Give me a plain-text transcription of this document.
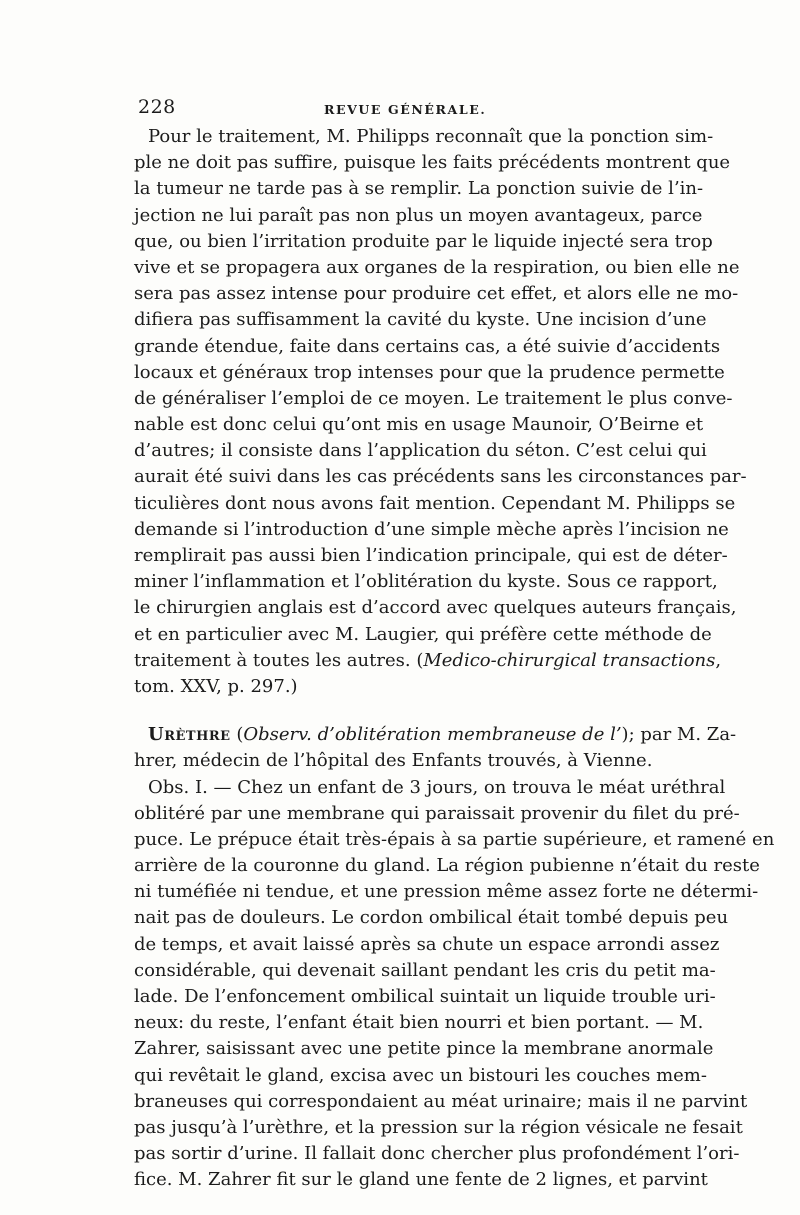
228	REVUE GÉNÉRALE.
Pour le traitement, M. Philipps reconnaît que la ponction sim-
ple ne doit pas suffire, puisque les faits précédents montrent que
la tumeur ne tarde pas à se remplir. La ponction suivie de l’in-
jection ne lui paraît pas non plus un moyen avantageux, parce
que, ou bien l’irritation produite par le liquide injecté sera trop
vive et se propagera aux organes de la respiration, ou bien elle ne
sera pas assez intense pour produire cet effet, et alors elle ne mo-
difiera pas suffisamment la cavité du kyste. Une incision d’une
grande étendue, faite dans certains cas, a été suivie d’accidents
locaux et généraux trop intenses pour que la prudence permette
de généraliser l’emploi de ce moyen. Le traitement le plus conve-
nable est donc celui qu’ont mis en usage Maunoir, O’Beirne et
d’autres; il consiste dans l’application du séton. C’est celui qui
aurait été suivi dans les cas précédents sans les circonstances par-
ticulières dont nous avons fait mention. Cependant M. Philipps se
demande si l’introduction d’une simple mèche après l’incision ne
remplirait pas aussi bien l’indication principale, qui est de déter-
miner l’inflammation et l’oblitération du kyste. Sous ce rapport,
le chirurgien anglais est d’accord avec quelques auteurs français,
et en particulier avec M. Laugier, qui préfère cette méthode de
traitement à toutes les autres. (Medico-chirurgical transactions,
tom. XXV, p. 297.)
Urèthre (Observ. d’oblitération membraneuse de l’); par M. Za-
hrer, médecin de l’hôpital des Enfants trouvés, à Vienne.
Obs. I. — Chez un enfant de 3 jours, on trouva le méat uréthral
oblitéré par une membrane qui paraissait provenir du filet du pré-
puce. Le prépuce était très-épais à sa partie supérieure, et ramené en
arrière de la couronne du gland. La région pubienne n’était du reste
ni tuméfiée ni tendue, et une pression même assez forte ne détermi-
nait pas de douleurs. Le cordon ombilical était tombé depuis peu
de temps, et avait laissé après sa chute un espace arrondi assez
considérable, qui devenait saillant pendant les cris du petit ma-
lade. De l’enfoncement ombilical suintait un liquide trouble uri-
neux: du reste, l’enfant était bien nourri et bien portant. — M.
Zahrer, saisissant avec une petite pince la membrane anormale
qui revêtait le gland, excisa avec un bistouri les couches mem-
braneuses qui correspondaient au méat urinaire; mais il ne parvint
pas jusqu’à l’urèthre, et la pression sur la région vésicale ne fesait
pas sortir d’urine. Il fallait donc chercher plus profondément l’ori-
fice. M. Zahrer fit sur le gland une fente de 2 lignes, et parvint
